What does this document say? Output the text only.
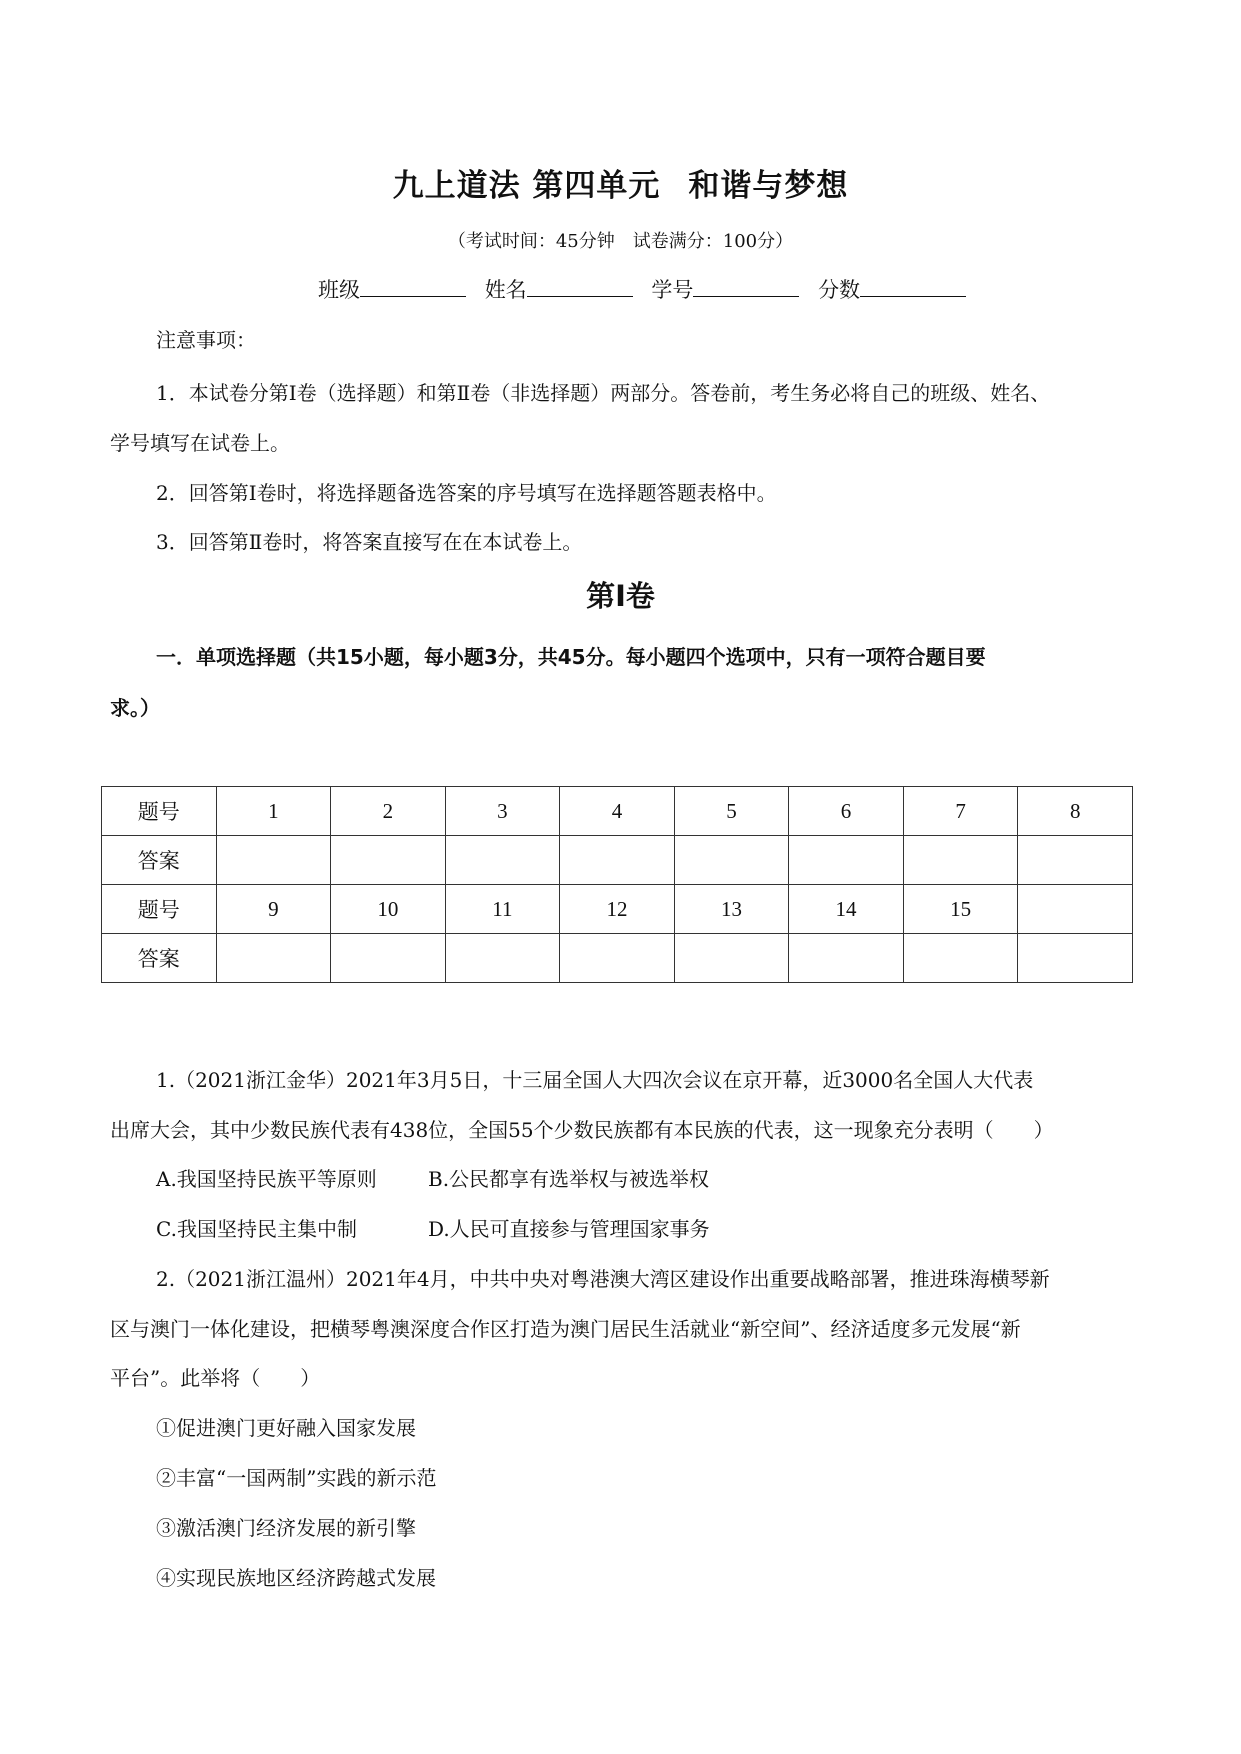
九上道法 第四单元 和谐与梦想
（考试时间：45分钟　试卷满分：100分）
班级	姓名	学号	分数
注意事项：
1．本试卷分第Ⅰ卷（选择题）和第Ⅱ卷（非选择题）两部分。答卷前，考生务必将自己的班级、姓名、
学号填写在试卷上。
2．回答第Ⅰ卷时，将选择题备选答案的序号填写在选择题答题表格中。
3．回答第Ⅱ卷时，将答案直接写在在本试卷上。
第Ⅰ卷
一．单项选择题（共15小题，每小题3分，共45分。每小题四个选项中，只有一项符合题目要
求。）
题号	1	2	3	4	5	6	7	8
答案								
题号	9	10	11	12	13	14	15	
答案								
1.（2021浙江金华）2021年3月5日，十三届全国人大四次会议在京开幕，近3000名全国人大代表
出席大会，其中少数民族代表有438位，全国55个少数民族都有本民族的代表，这一现象充分表明（　　）
A.我国坚持民族平等原则	B.公民都享有选举权与被选举权
C.我国坚持民主集中制	D.人民可直接参与管理国家事务
2.（2021浙江温州）2021年4月，中共中央对粤港澳大湾区建设作出重要战略部署，推进珠海横琴新
区与澳门一体化建设，把横琴粤澳深度合作区打造为澳门居民生活就业“新空间”、经济适度多元发展“新
平台”。此举将（　　）
①促进澳门更好融入国家发展
②丰富“一国两制”实践的新示范
③激活澳门经济发展的新引擎
④实现民族地区经济跨越式发展
